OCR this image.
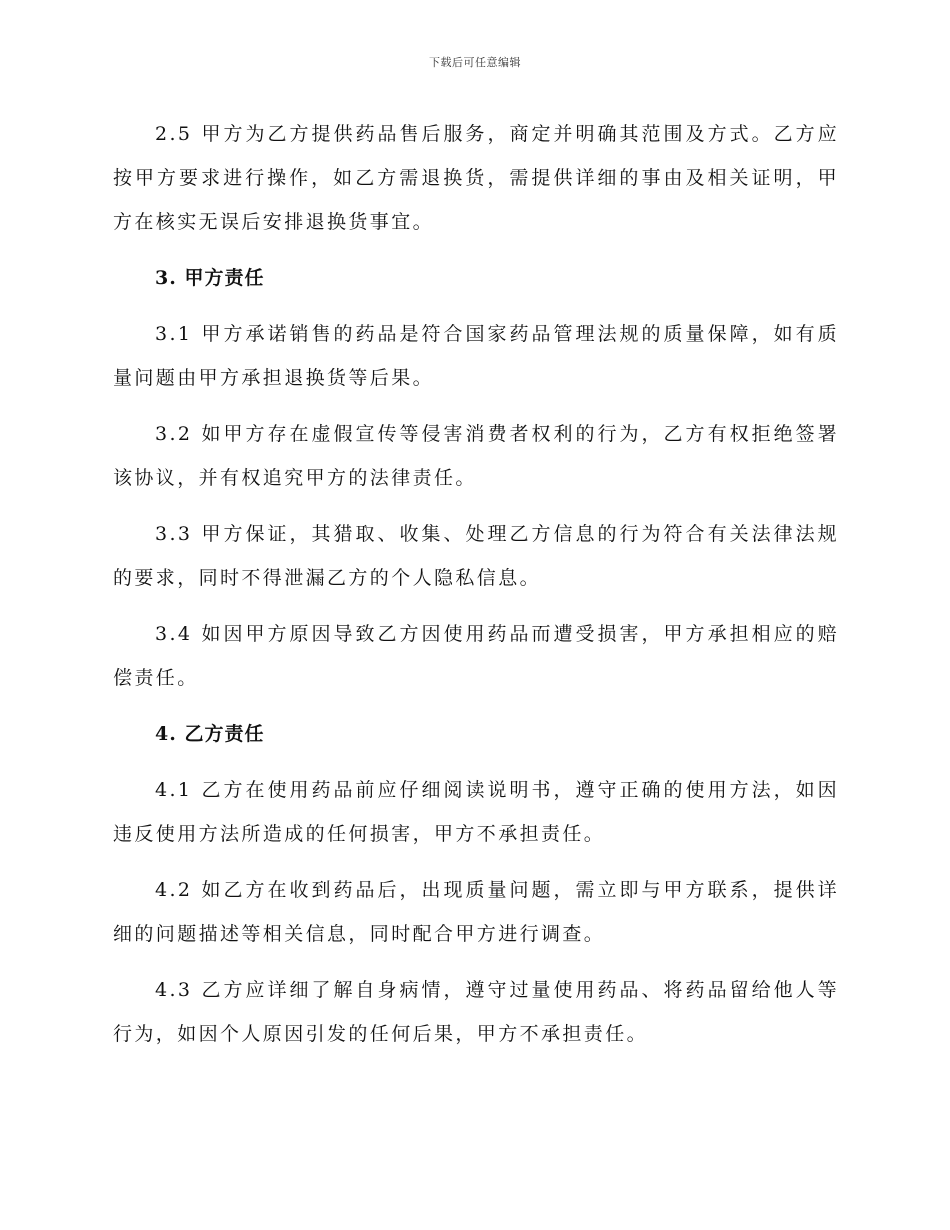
下载后可任意编辑

2.5 甲方为乙方提供药品售后服务，商定并明确其范围及方式。乙方应按甲方要求进行操作，如乙方需退换货，需提供详细的事由及相关证明，甲方在核实无误后安排退换货事宜。

3. 甲方责任

3.1 甲方承诺销售的药品是符合国家药品管理法规的质量保障，如有质量问题由甲方承担退换货等后果。

3.2 如甲方存在虚假宣传等侵害消费者权利的行为，乙方有权拒绝签署该协议，并有权追究甲方的法律责任。

3.3 甲方保证，其猎取、收集、处理乙方信息的行为符合有关法律法规的要求，同时不得泄漏乙方的个人隐私信息。

3.4 如因甲方原因导致乙方因使用药品而遭受损害，甲方承担相应的赔偿责任。

4. 乙方责任

4.1 乙方在使用药品前应仔细阅读说明书，遵守正确的使用方法，如因违反使用方法所造成的任何损害，甲方不承担责任。

4.2 如乙方在收到药品后，出现质量问题，需立即与甲方联系，提供详细的问题描述等相关信息，同时配合甲方进行调查。

4.3 乙方应详细了解自身病情，遵守过量使用药品、将药品留给他人等行为，如因个人原因引发的任何后果，甲方不承担责任。
